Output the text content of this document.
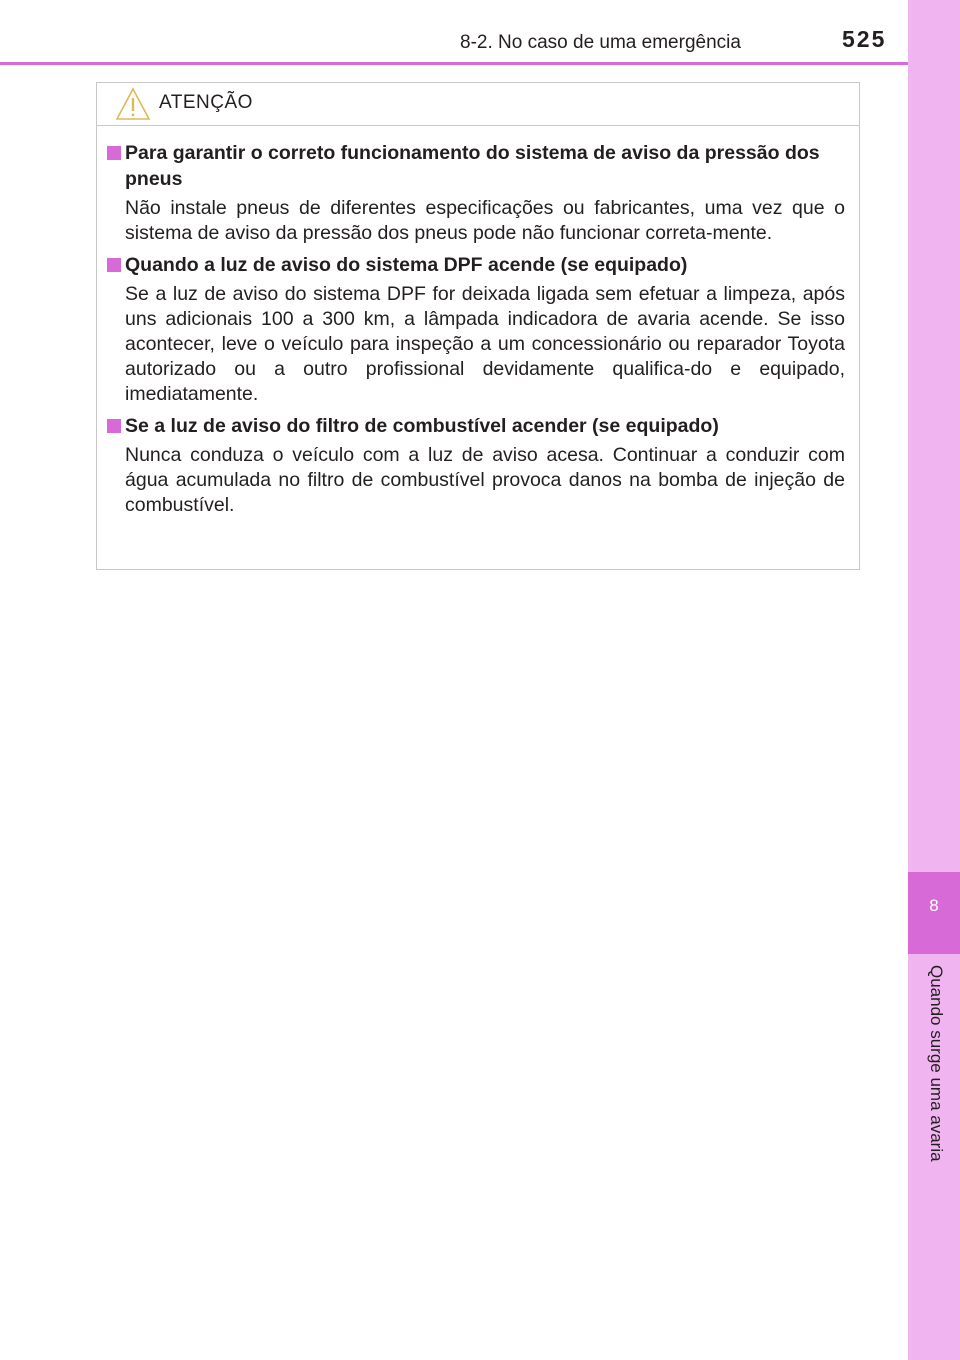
8
Quando surge uma avaria
8-2. No caso de uma emergência	525
ATENÇÃO
Para garantir o correto funcionamento do sistema de aviso da pressão dos pneus
Não instale pneus de diferentes especificações ou fabricantes, uma vez que o sistema de aviso da pressão dos pneus pode não funcionar correta-mente.
Quando a luz de aviso do sistema DPF acende (se equipado)
Se a luz de aviso do sistema DPF for deixada ligada sem efetuar a limpeza, após uns adicionais 100 a 300 km, a lâmpada indicadora de avaria acende. Se isso acontecer, leve o veículo para inspeção a um concessionário ou reparador Toyota autorizado ou a outro profissional devidamente qualifica-do e equipado, imediatamente.
Se a luz de aviso do filtro de combustível acender (se equipado)
Nunca conduza o veículo com a luz de aviso acesa. Continuar a conduzir com água acumulada no filtro de combustível provoca danos na bomba de injeção de combustível.
